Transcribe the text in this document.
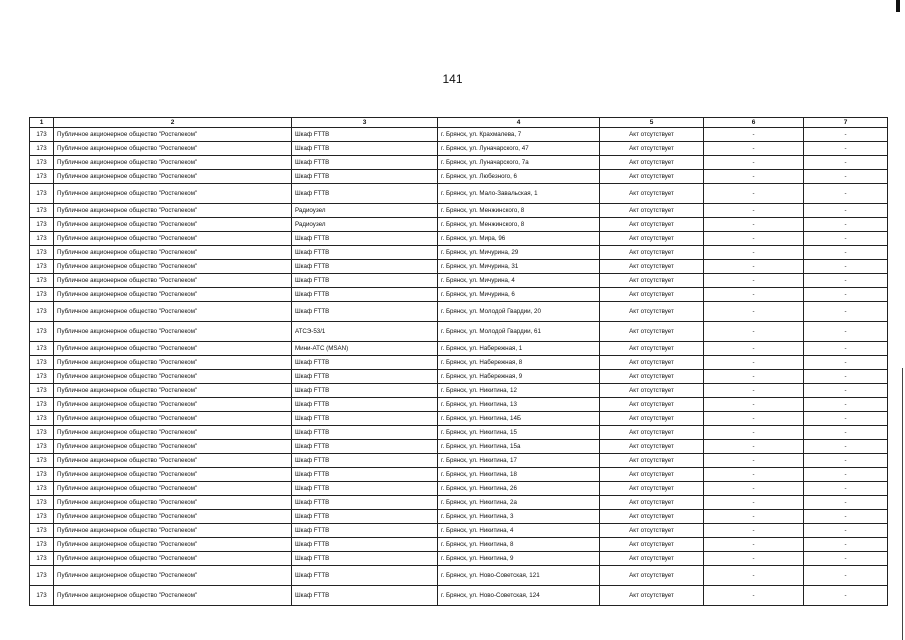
141
1	2	3	4	5	6	7
173	Публичное акционерное общество "Ростелеком"	Шкаф FTTB	г. Брянск, ул. Крахмалева, 7	Акт отсутствует	-	-
173	Публичное акционерное общество "Ростелеком"	Шкаф FTTB	г. Брянск, ул. Луначарского, 47	Акт отсутствует	-	-
173	Публичное акционерное общество "Ростелеком"	Шкаф FTTB	г. Брянск, ул. Луначарского, 7а	Акт отсутствует	-	-
173	Публичное акционерное общество "Ростелеком"	Шкаф FTTB	г. Брянск, ул. Любезного, 6	Акт отсутствует	-	-
173	Публичное акционерное общество "Ростелеком"	Шкаф FTTB	г. Брянск, ул. Мало-Завальская, 1	Акт отсутствует	-	-
173	Публичное акционерное общество "Ростелеком"	Радиоузел	г. Брянск, ул. Менжинского, 8	Акт отсутствует	-	-
173	Публичное акционерное общество "Ростелеком"	Радиоузел	г. Брянск, ул. Менжинского, 8	Акт отсутствует	-	-
173	Публичное акционерное общество "Ростелеком"	Шкаф FTTB	г. Брянск, ул. Мира, 96	Акт отсутствует	-	-
173	Публичное акционерное общество "Ростелеком"	Шкаф FTTB	г. Брянск, ул. Мичурина, 29	Акт отсутствует	-	-
173	Публичное акционерное общество "Ростелеком"	Шкаф FTTB	г. Брянск, ул. Мичурина, 31	Акт отсутствует	-	-
173	Публичное акционерное общество "Ростелеком"	Шкаф FTTB	г. Брянск, ул. Мичурина, 4	Акт отсутствует	-	-
173	Публичное акционерное общество "Ростелеком"	Шкаф FTTB	г. Брянск, ул. Мичурина, 6	Акт отсутствует	-	-
173	Публичное акционерное общество "Ростелеком"	Шкаф FTTB	г. Брянск, ул. Молодой Гвардии, 20	Акт отсутствует	-	-
173	Публичное акционерное общество "Ростелеком"	АТСЭ-53/1	г. Брянск, ул. Молодой Гвардии, 61	Акт отсутствует	-	-
173	Публичное акционерное общество "Ростелеком"	Мини-АТС (MSAN)	г. Брянск, ул. Набережная, 1	Акт отсутствует	-	-
173	Публичное акционерное общество "Ростелеком"	Шкаф FTTB	г. Брянск, ул. Набережная, 8	Акт отсутствует	-	-
173	Публичное акционерное общество "Ростелеком"	Шкаф FTTB	г. Брянск, ул. Набережная, 9	Акт отсутствует	-	-
173	Публичное акционерное общество "Ростелеком"	Шкаф FTTB	г. Брянск, ул. Никитина, 12	Акт отсутствует	-	-
173	Публичное акционерное общество "Ростелеком"	Шкаф FTTB	г. Брянск, ул. Никитина, 13	Акт отсутствует	-	-
173	Публичное акционерное общество "Ростелеком"	Шкаф FTTB	г. Брянск, ул. Никитина, 14Б	Акт отсутствует	-	-
173	Публичное акционерное общество "Ростелеком"	Шкаф FTTB	г. Брянск, ул. Никитина, 15	Акт отсутствует	-	-
173	Публичное акционерное общество "Ростелеком"	Шкаф FTTB	г. Брянск, ул. Никитина, 15а	Акт отсутствует	-	-
173	Публичное акционерное общество "Ростелеком"	Шкаф FTTB	г. Брянск, ул. Никитина, 17	Акт отсутствует	-	-
173	Публичное акционерное общество "Ростелеком"	Шкаф FTTB	г. Брянск, ул. Никитина, 18	Акт отсутствует	-	-
173	Публичное акционерное общество "Ростелеком"	Шкаф FTTB	г. Брянск, ул. Никитина, 26	Акт отсутствует	-	-
173	Публичное акционерное общество "Ростелеком"	Шкаф FTTB	г. Брянск, ул. Никитина, 2а	Акт отсутствует	-	-
173	Публичное акционерное общество "Ростелеком"	Шкаф FTTB	г. Брянск, ул. Никитина, 3	Акт отсутствует	-	-
173	Публичное акционерное общество "Ростелеком"	Шкаф FTTB	г. Брянск, ул. Никитина, 4	Акт отсутствует	-	-
173	Публичное акционерное общество "Ростелеком"	Шкаф FTTB	г. Брянск, ул. Никитина, 8	Акт отсутствует	-	-
173	Публичное акционерное общество "Ростелеком"	Шкаф FTTB	г. Брянск, ул. Никитина, 9	Акт отсутствует	-	-
173	Публичное акционерное общество "Ростелеком"	Шкаф FTTB	г. Брянск, ул. Ново-Советская, 121	Акт отсутствует	-	-
173	Публичное акционерное общество "Ростелеком"	Шкаф FTTB	г. Брянск, ул. Ново-Советская, 124	Акт отсутствует	-	-
